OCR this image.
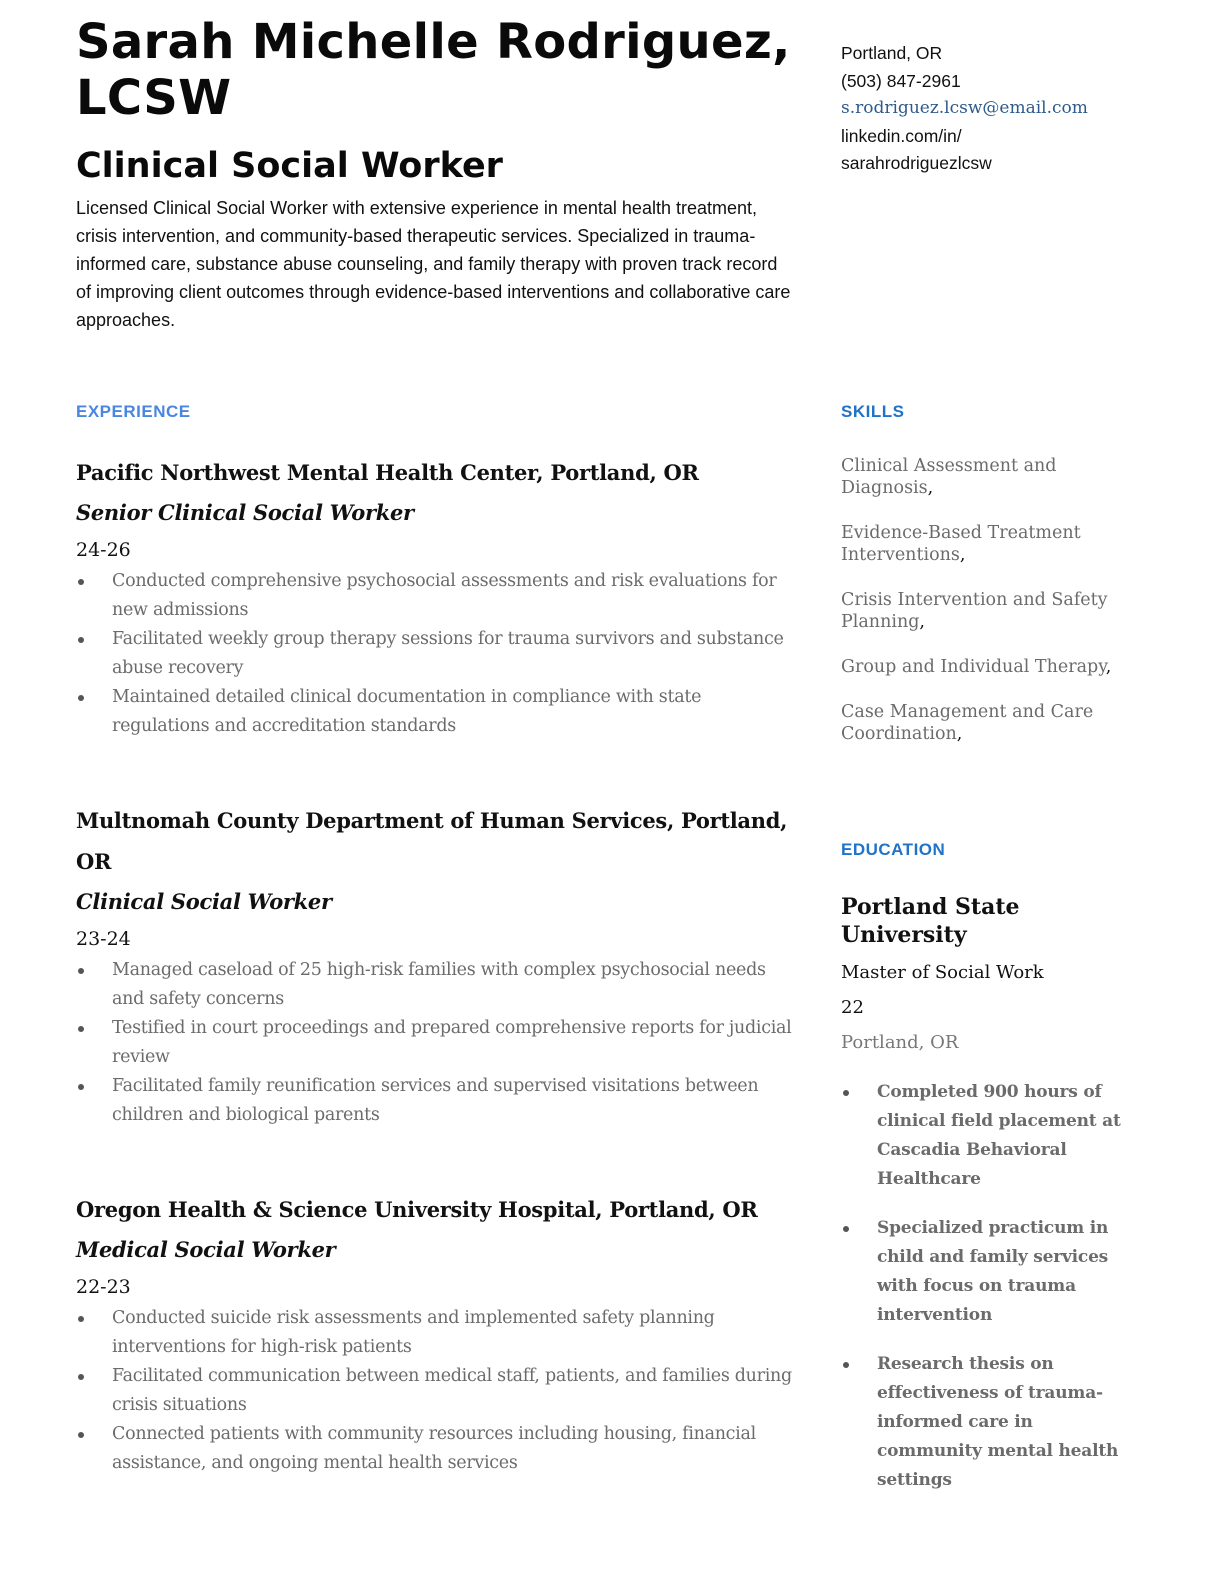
Sarah Michelle Rodriguez, LCSW
Clinical Social Worker

Licensed Clinical Social Worker with extensive experience in mental health treatment, crisis intervention, and community-based therapeutic services. Specialized in trauma-informed care, substance abuse counseling, and family therapy with proven track record of improving client outcomes through evidence-based interventions and collaborative care approaches.

Portland, OR
(503) 847-2961
s.rodriguez.lcsw@email.com
linkedin.com/in/
sarahrodriguezlcsw
EXPERIENCE	SKILLS
EDUCATION

Pacific Northwest Mental Health Center, Portland, OR

Senior Clinical Social Worker

24-26

Conducted comprehensive psychosocial assessments and risk evaluations for new admissions
Facilitated weekly group therapy sessions for trauma survivors and substance abuse recovery
Maintained detailed clinical documentation in compliance with state regulations and accreditation standards

Multnomah County Department of Human Services, Portland, OR

Clinical Social Worker

23-24

Managed caseload of 25 high-risk families with complex psychosocial needs and safety concerns
Testified in court proceedings and prepared comprehensive reports for judicial review
Facilitated family reunification services and supervised visitations between children and biological parents

Oregon Health & Science University Hospital, Portland, OR

Medical Social Worker

22-23

Conducted suicide risk assessments and implemented safety planning interventions for high-risk patients
Facilitated communication between medical staff, patients, and families during crisis situations
Connected patients with community resources including housing, financial assistance, and ongoing mental health services

Clinical Assessment and Diagnosis,

Evidence-Based Treatment Interventions,

Crisis Intervention and Safety Planning,

Group and Individual Therapy,

Case Management and Care Coordination,

Portland State University

Master of Social Work

22

Portland, OR

Completed 900 hours of clinical field placement at Cascadia Behavioral Healthcare
Specialized practicum in child and family services with focus on trauma intervention
Research thesis on effectiveness of trauma-informed care in community mental health settings
